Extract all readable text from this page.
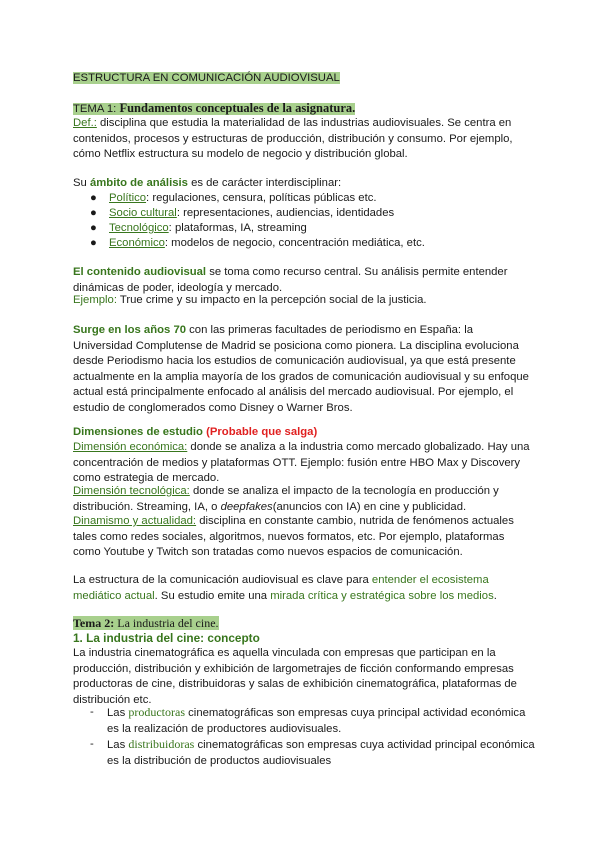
ESTRUCTURA EN COMUNICACIÓN AUDIOVISUAL
TEMA 1: Fundamentos conceptuales de la asignatura.
Def.: disciplina que estudia la materialidad de las industrias audiovisuales. Se centra en contenidos, procesos y estructuras de producción, distribución y consumo. Por ejemplo, cómo Netflix estructura su modelo de negocio y distribución global.
Su ámbito de análisis es de carácter interdisciplinar:
● Político: regulaciones, censura, políticas públicas etc.
● Socio cultural: representaciones, audiencias, identidades
● Tecnológico: plataformas, IA, streaming
● Económico: modelos de negocio, concentración mediática, etc.
El contenido audiovisual se toma como recurso central. Su análisis permite entender dinámicas de poder, ideología y mercado.
Ejemplo: True crime y su impacto en la percepción social de la justicia.
Surge en los años 70 con las primeras facultades de periodismo en España: la Universidad Complutense de Madrid se posiciona como pionera. La disciplina evoluciona desde Periodismo hacia los estudios de comunicación audiovisual, ya que está presente actualmente en la amplia mayoría de los grados de comunicación audiovisual y su enfoque actual está principalmente enfocado al análisis del mercado audiovisual. Por ejemplo, el estudio de conglomerados como Disney o Warner Bros.
Dimensiones de estudio (Probable que salga)
Dimensión económica: donde se analiza a la industria como mercado globalizado. Hay una concentración de medios y plataformas OTT. Ejemplo: fusión entre HBO Max y Discovery como estrategia de mercado.
Dimensión tecnológica: donde se analiza el impacto de la tecnología en producción y distribución. Streaming, IA, o deepfakes(anuncios con IA) en cine y publicidad.
Dinamismo y actualidad: disciplina en constante cambio, nutrida de fenómenos actuales tales como redes sociales, algoritmos, nuevos formatos, etc. Por ejemplo, plataformas como Youtube y Twitch son tratadas como nuevos espacios de comunicación.
La estructura de la comunicación audiovisual es clave para entender el ecosistema mediático actual. Su estudio emite una mirada crítica y estratégica sobre los medios.
Tema 2: La industria del cine.
1. La industria del cine: concepto
La industria cinematográfica es aquella vinculada con empresas que participan en la producción, distribución y exhibición de largometrajes de ficción conformando empresas productoras de cine, distribuidoras y salas de exhibición cinematográfica, plataformas de distribución etc.
- Las productoras cinematográficas son empresas cuya principal actividad económica es la realización de productores audiovisuales.
- Las distribuidoras cinematográficas son empresas cuya actividad principal económica es la distribución de productos audiovisuales
